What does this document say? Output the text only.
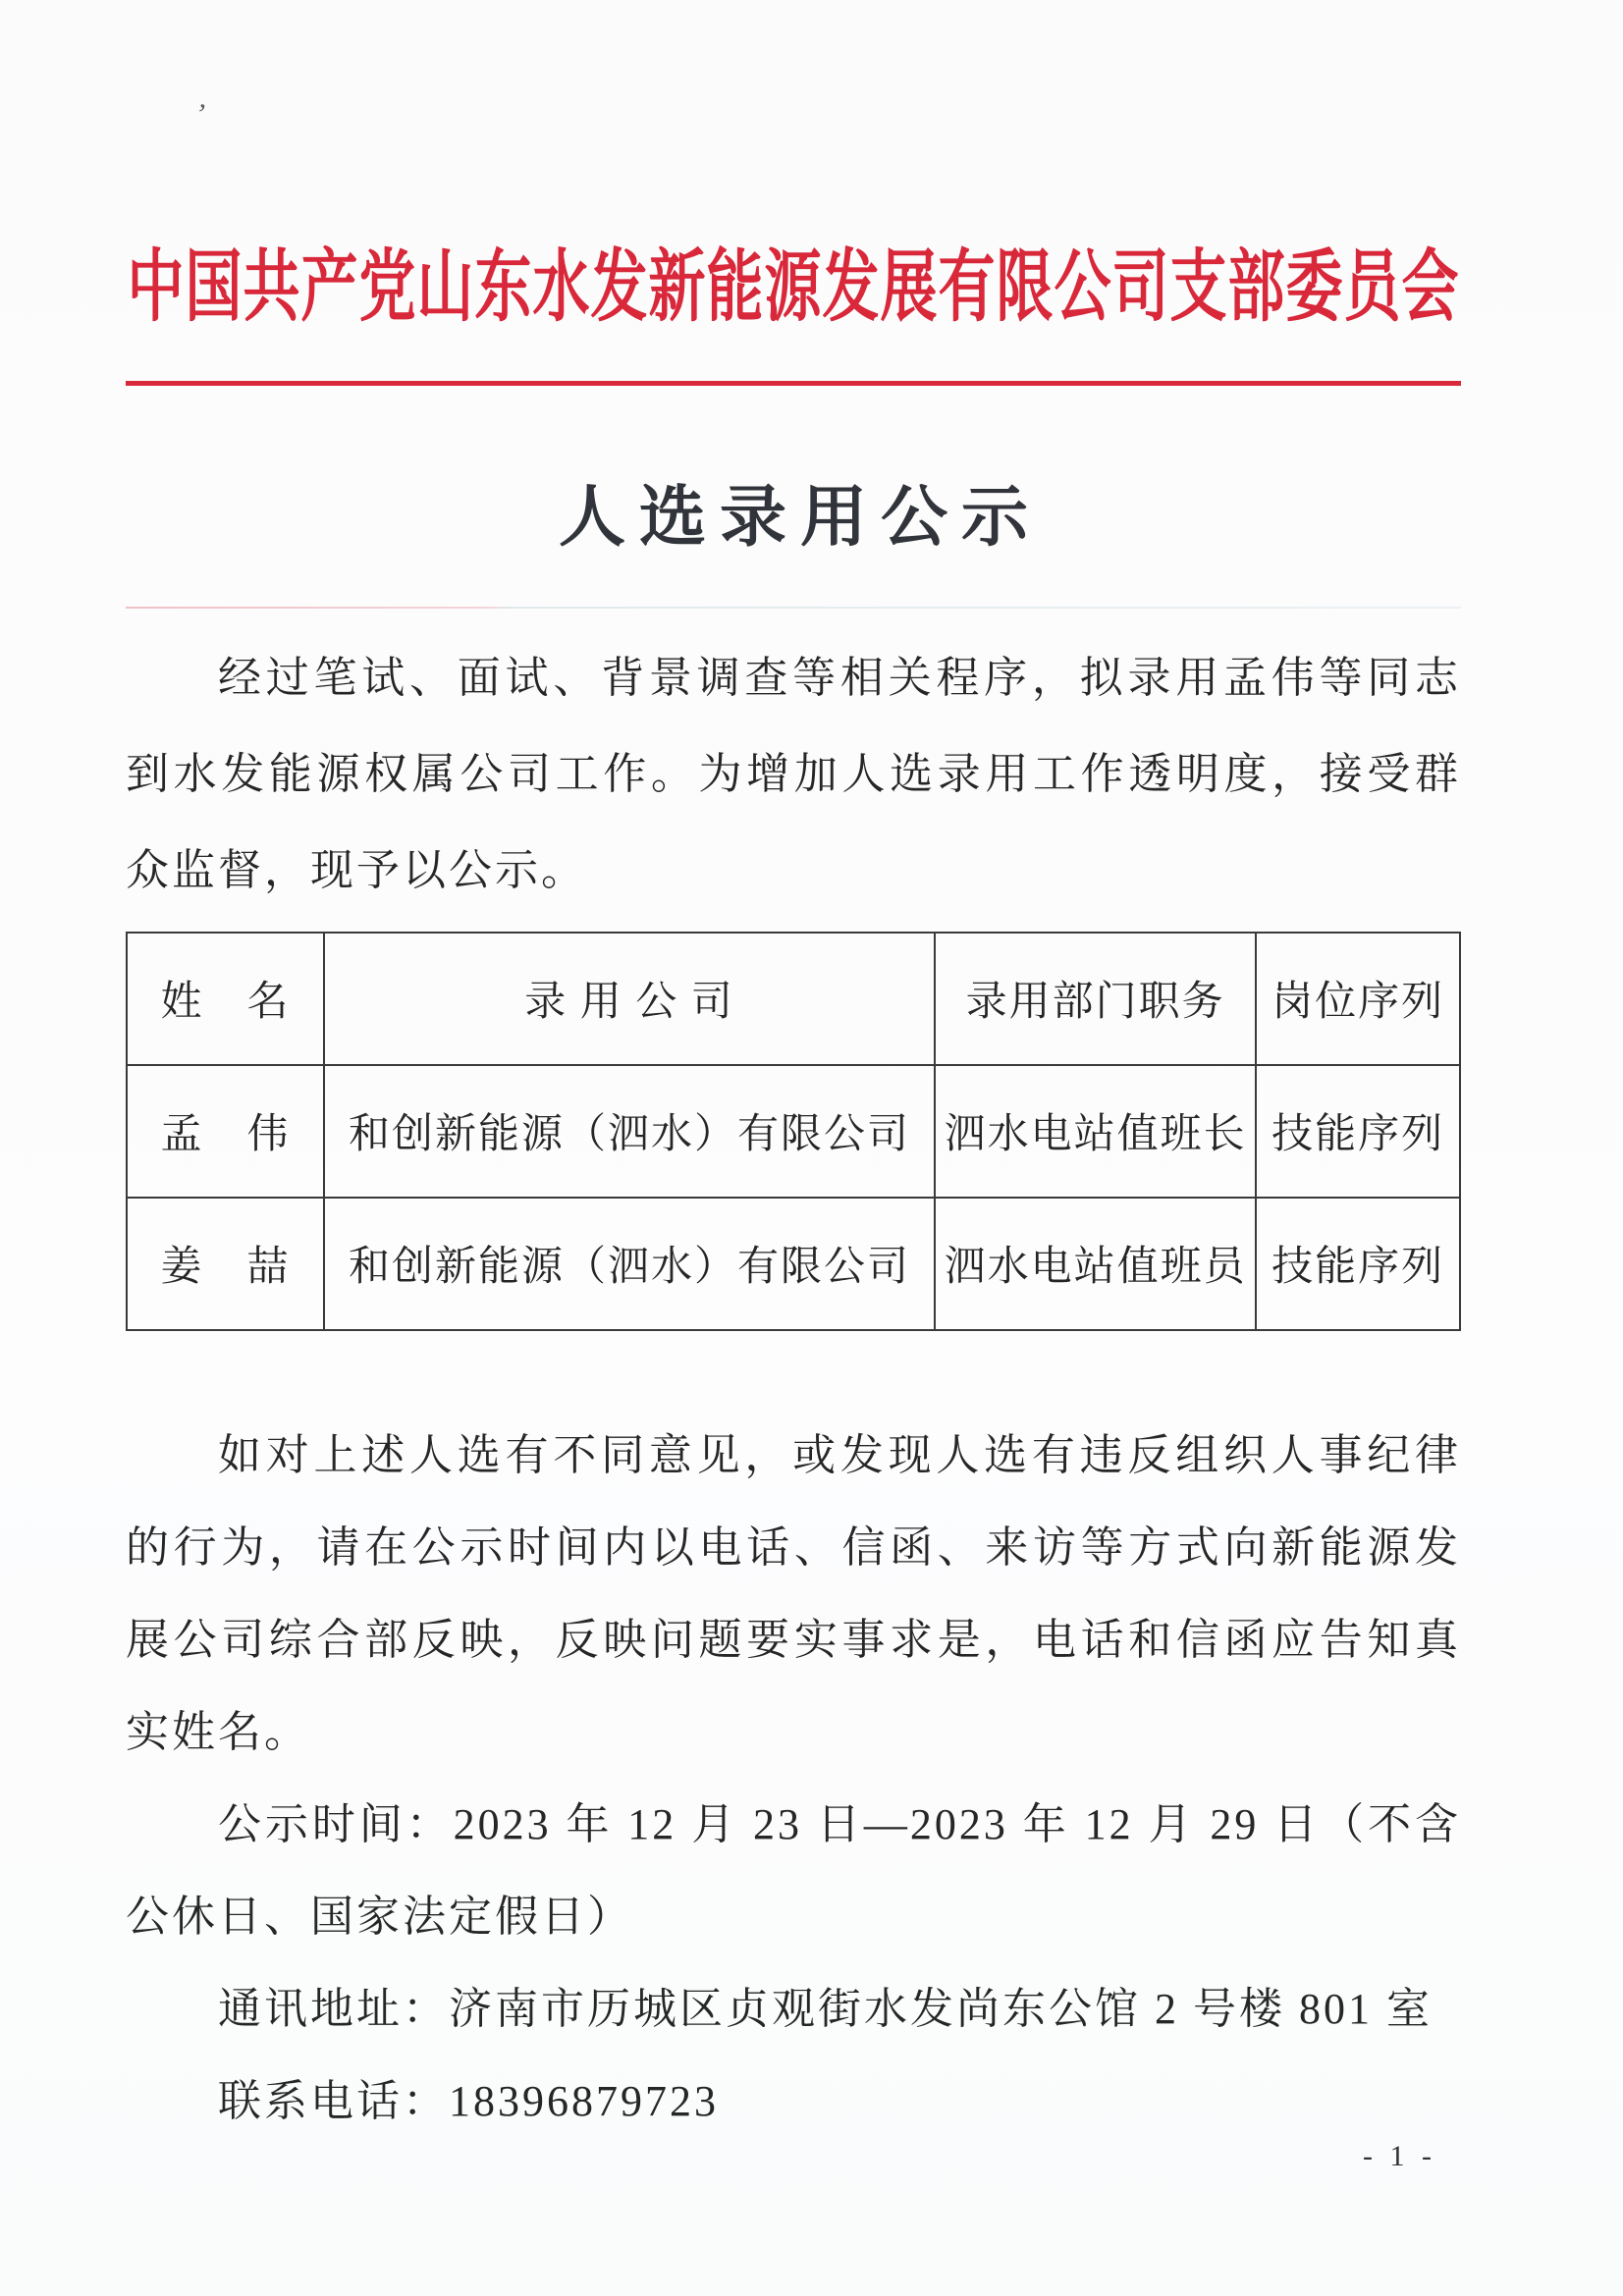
’
中国共产党山东水发新能源发展有限公司支部委员会
人选录用公示

经过笔试、面试、背景调查等相关程序，拟录用孟伟等同志到水发能源权属公司工作。为增加人选录用工作透明度，接受群众监督，现予以公示。

姓　名	录 用 公 司	录用部门职务	岗位序列
孟　伟	和创新能源（泗水）有限公司	泗水电站值班长	技能序列
姜　喆	和创新能源（泗水）有限公司	泗水电站值班员	技能序列

如对上述人选有不同意见，或发现人选有违反组织人事纪律的行为，请在公示时间内以电话、信函、来访等方式向新能源发展公司综合部反映，反映问题要实事求是，电话和信函应告知真实姓名。

公示时间：2023 年 12 月 23 日—2023 年 12 月 29 日（不含公休日、国家法定假日）

通讯地址：济南市历城区贞观街水发尚东公馆 2 号楼 801 室

联系电话：18396879723

- 1 -
